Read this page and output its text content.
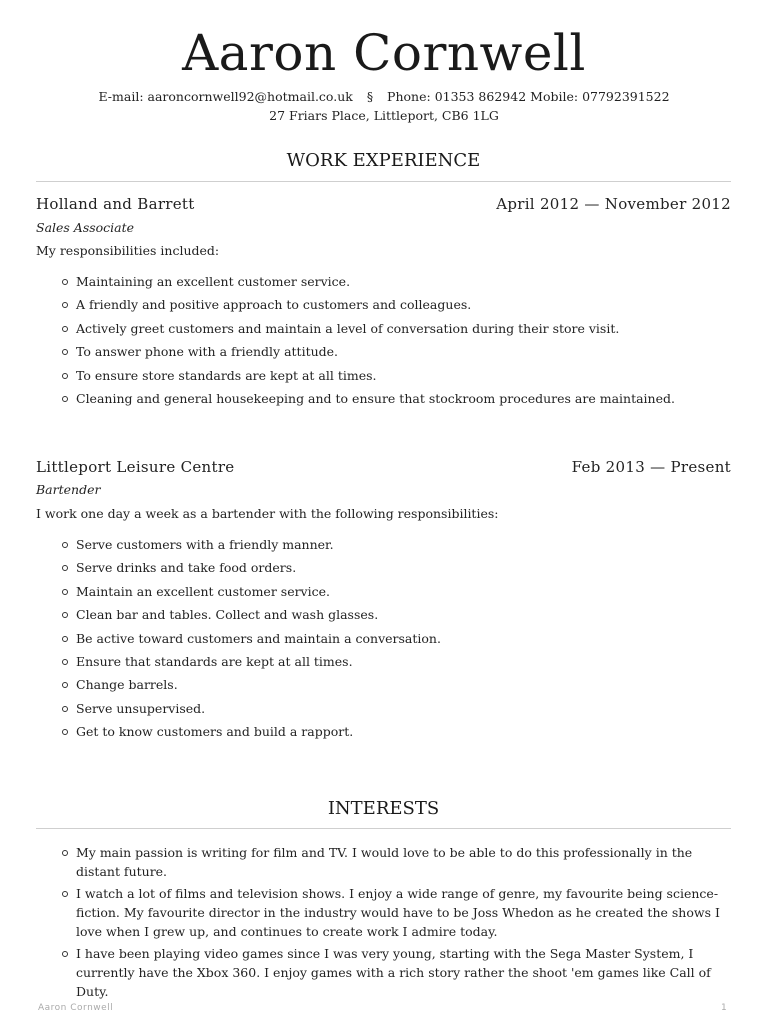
Aaron Cornwell

E-mail: aaroncornwell92@hotmail.co.uk § Phone: 01353 862942 Mobile: 07792391522

27 Friars Place, Littleport, CB6 1LG

WORK EXPERIENCE
Holland and Barrett	April 2012 — November 2012
Sales Associate
My responsibilities included:
Maintaining an excellent customer service.
A friendly and positive approach to customers and colleagues.
Actively greet customers and maintain a level of conversation during their store visit.
To answer phone with a friendly attitude.
To ensure store standards are kept at all times.
Cleaning and general housekeeping and to ensure that stockroom procedures are maintained.
Littleport Leisure Centre	Feb 2013 — Present
Bartender
I work one day a week as a bartender with the following responsibilities:
Serve customers with a friendly manner.
Serve drinks and take food orders.
Maintain an excellent customer service.
Clean bar and tables. Collect and wash glasses.
Be active toward customers and maintain a conversation.
Ensure that standards are kept at all times.
Change barrels.
Serve unsupervised.
Get to know customers and build a rapport.
INTERESTS
My main passion is writing for film and TV. I would love to be able to do this professionally in the distant future.
I watch a lot of films and television shows. I enjoy a wide range of genre, my favourite being science-fiction. My favourite director in the industry would have to be Joss Whedon as he created the shows I love when I grew up, and continues to create work I admire today.
I have been playing video games since I was very young, starting with the Sega Master System, I currently have the Xbox 360. I enjoy games with a rich story rather the shoot 'em games like Call of Duty.
Aaron Cornwell	1
